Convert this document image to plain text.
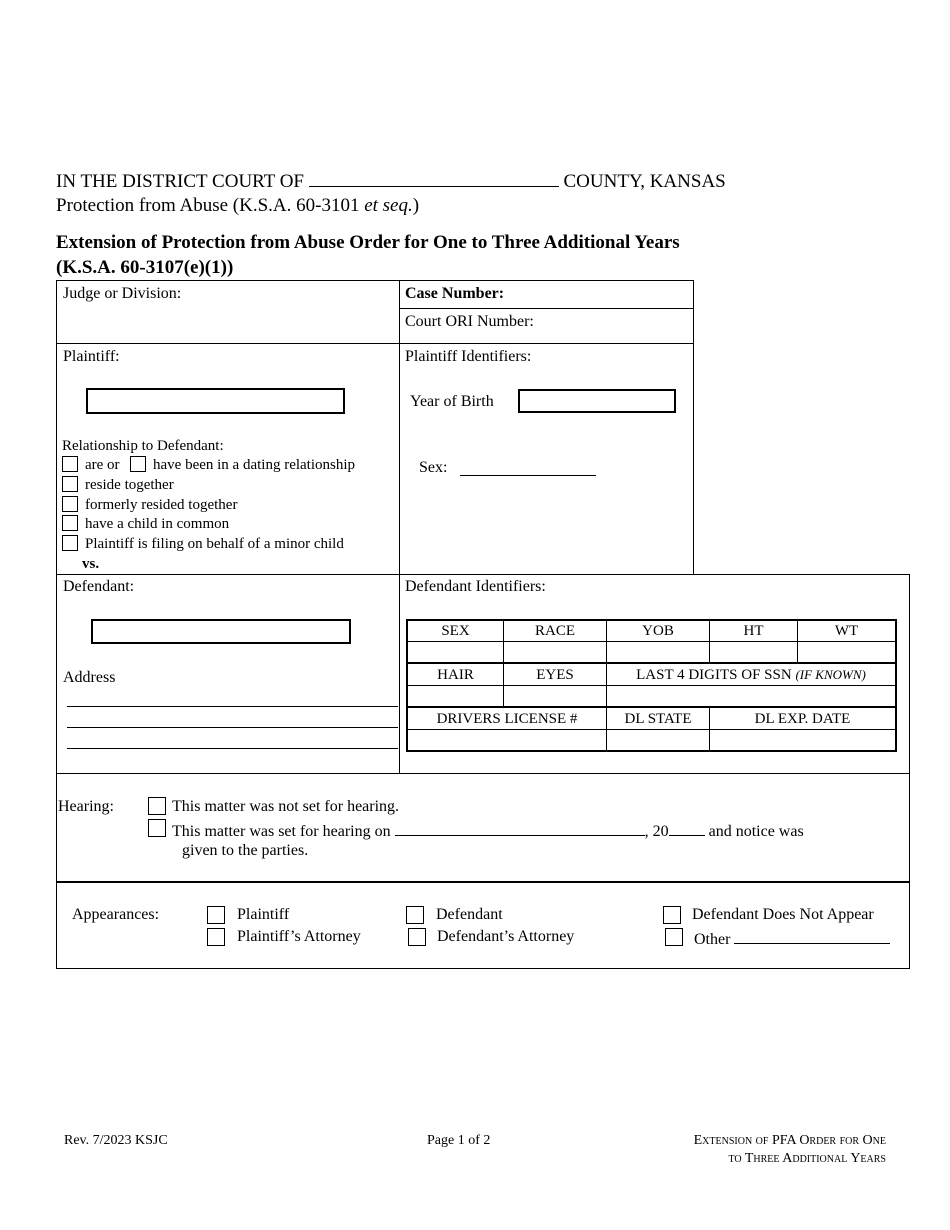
IN THE DISTRICT COURT OF	COUNTY, KANSAS
Protection from Abuse (K.S.A. 60-3101 et seq.)
Extension of Protection from Abuse Order for One to Three Additional Years
(K.S.A. 60-3107(e)(1))
Judge or Division:	Case Number:
Court ORI Number:
Plaintiff:
Relationship to Defendant:
are or have been in a dating relationship
reside together
formerly resided together
have a child in common
Plaintiff is filing on behalf of a minor child
vs.
Plaintiff Identifiers:
Year of Birth
Sex:
Defendant:
Address
Defendant Identifiers:
SEX	RACE	YOB	HT	WT
HAIR	EYES	LAST 4 DIGITS OF SSN (IF KNOWN)
DRIVERS LICENSE #	DL STATE	DL EXP. DATE
Hearing:	This matter was not set for hearing.
This matter was set for hearing on	, 20	and notice was
given to the parties.
Appearances:	Plaintiff
Plaintiff’s Attorney
Defendant
Defendant’s Attorney
Defendant Does Not Appear
Other
Rev. 7/2023 KSJC	Page 1 of 2	Extension of PFA Order for One
to Three Additional Years
